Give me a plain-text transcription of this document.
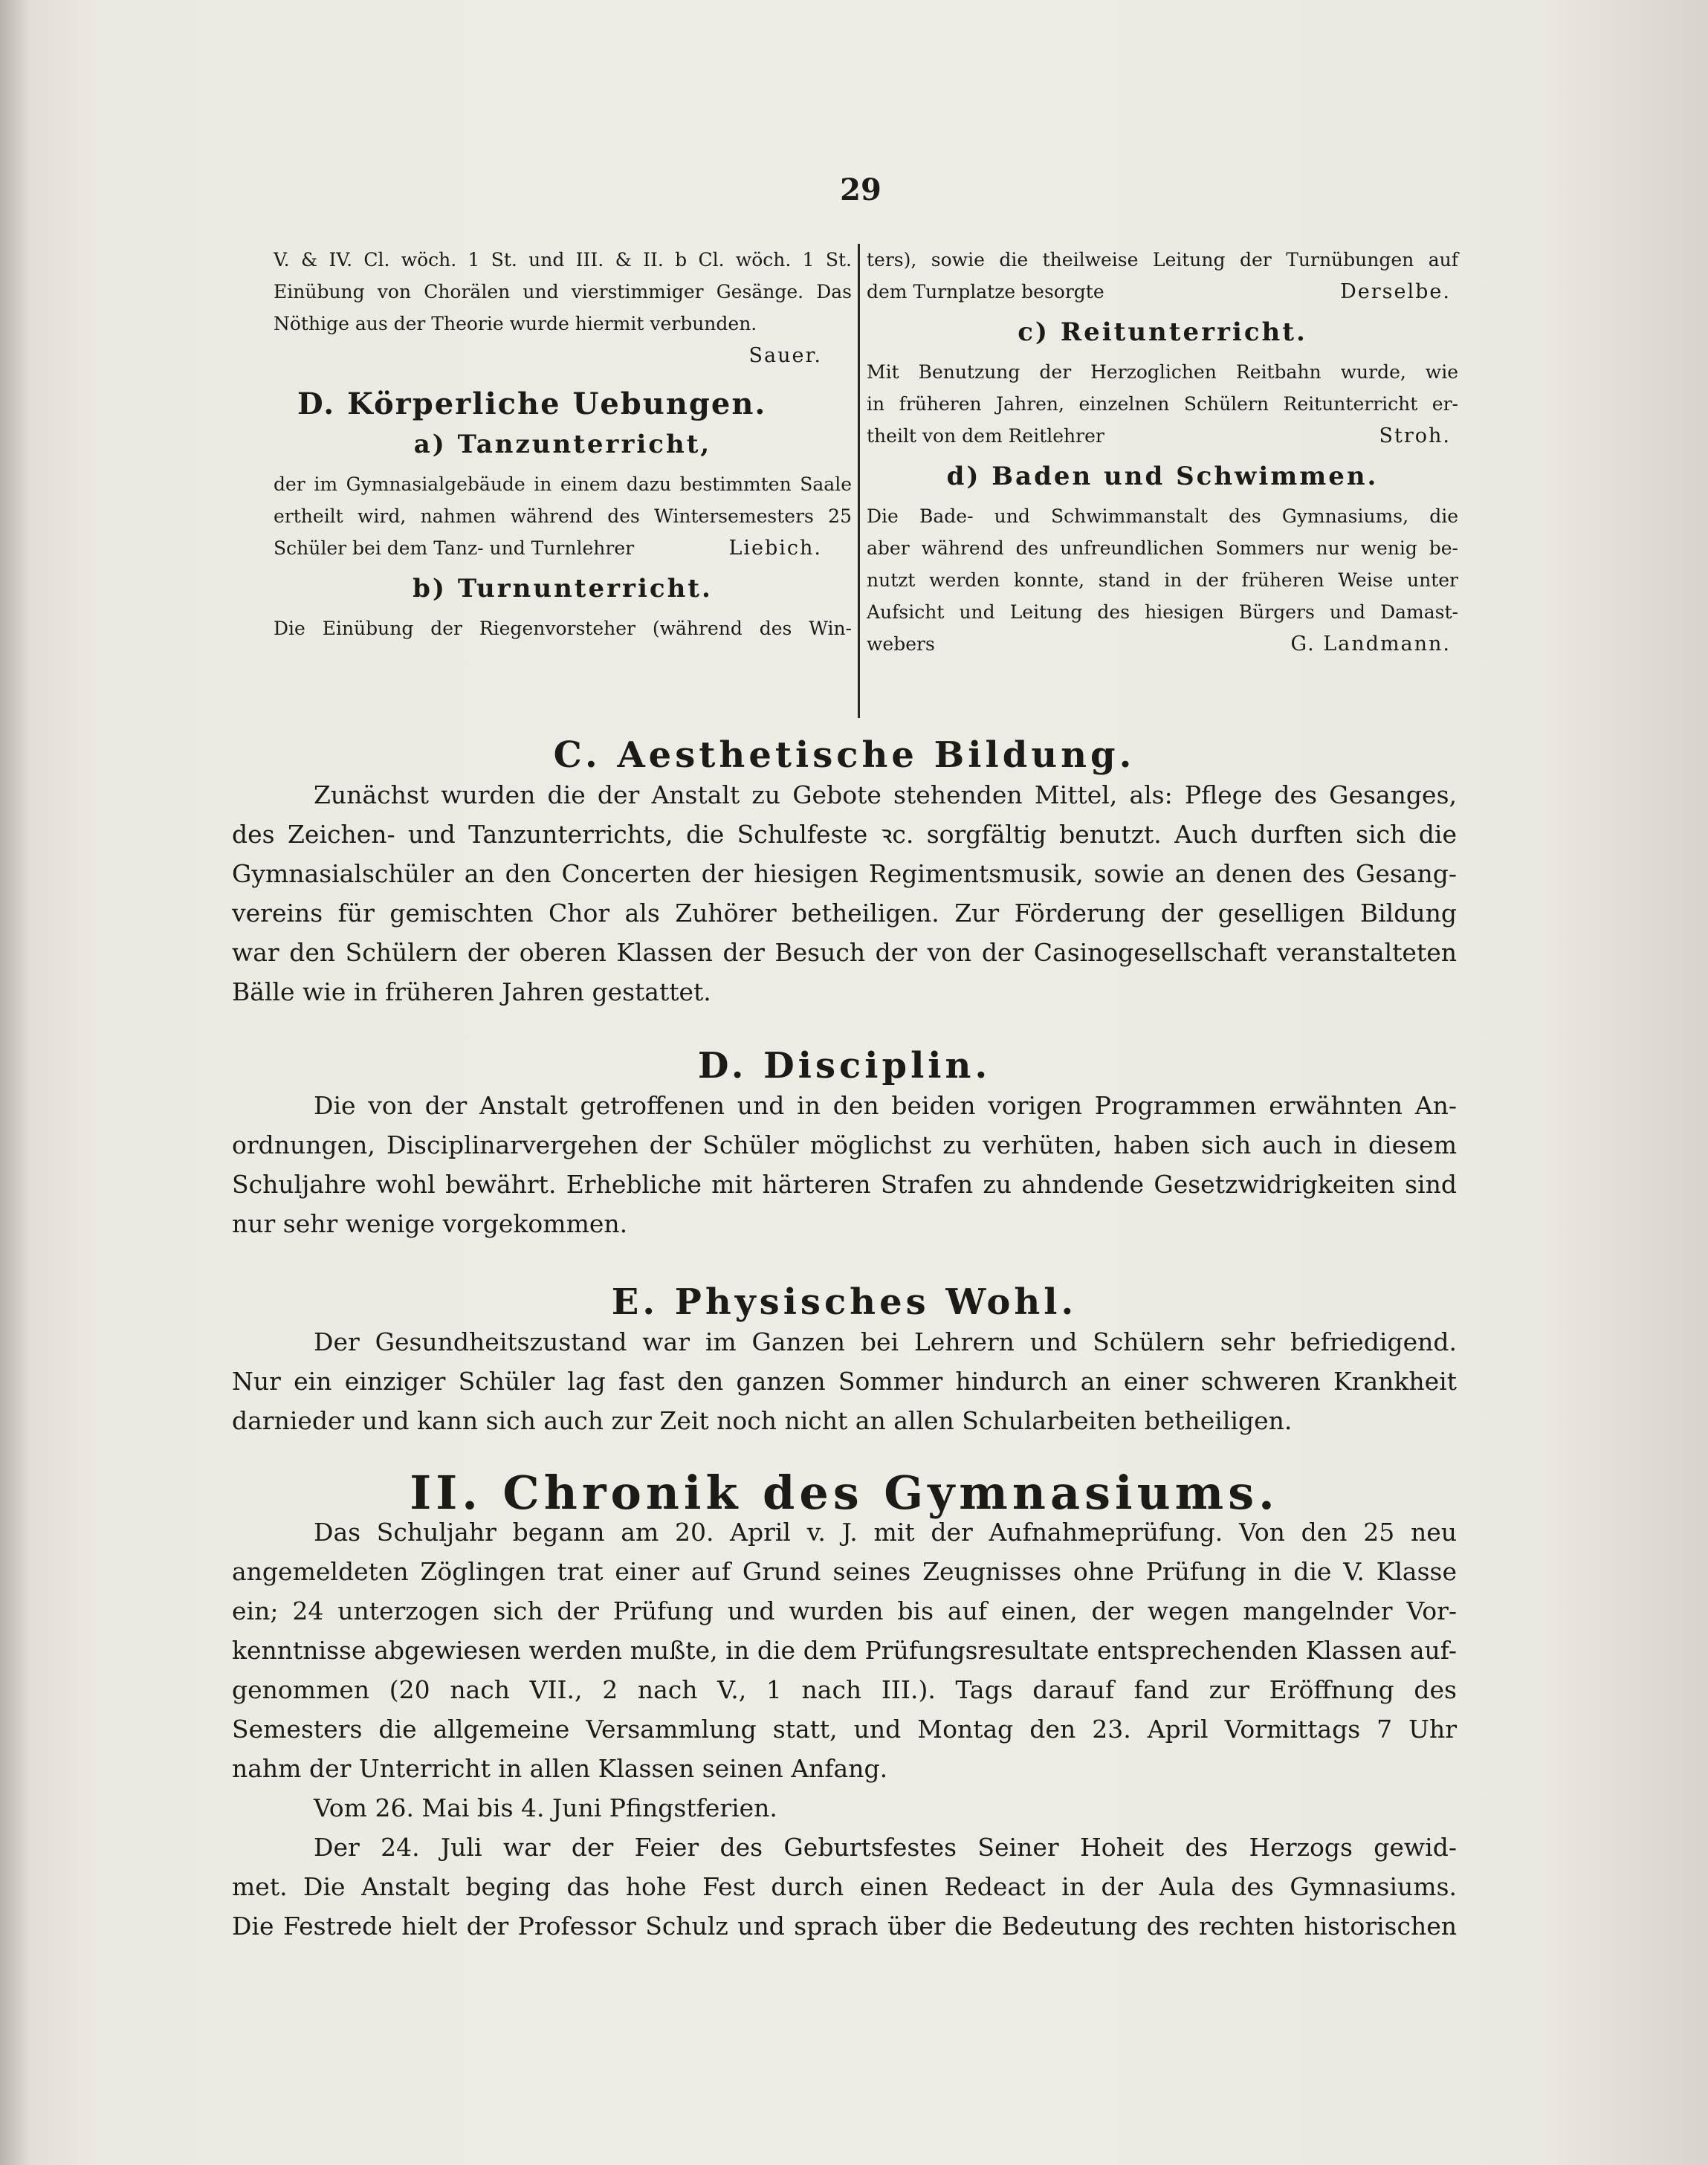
29
V. & IV. Cl. wöch. 1 St. und III. & II. b Cl. wöch. 1 St.
Einübung von Chorälen und vierstimmiger Gesänge. Das
Nöthige aus der Theorie wurde hiermit verbunden.
Sauer.
D. Körperliche Uebungen.
a) Tanzunterricht,
der im Gymnasialgebäude in einem dazu bestimmten Saale
ertheilt wird, nahmen während des Wintersemesters 25
Schüler bei dem Tanz- und Turnlehrer	Liebich.
b) Turnunterricht.
Die Einübung der Riegenvorsteher (während des Win-
ters), sowie die theilweise Leitung der Turnübungen auf
dem Turnplatze besorgte	Derselbe.
c) Reitunterricht.
Mit Benutzung der Herzoglichen Reitbahn wurde, wie
in früheren Jahren, einzelnen Schülern Reitunterricht er-
theilt von dem Reitlehrer	Stroh.
d) Baden und Schwimmen.
Die Bade- und Schwimmanstalt des Gymnasiums, die
aber während des unfreundlichen Sommers nur wenig be-
nutzt werden konnte, stand in der früheren Weise unter
Aufsicht und Leitung des hiesigen Bürgers und Damast-
webers	G. Landmann.
C. Aesthetische Bildung.
Zunächst wurden die der Anstalt zu Gebote stehenden Mittel, als: Pflege des Gesanges,
des Zeichen- und Tanzunterrichts, die Schulfeste ꝛc. sorgfältig benutzt. Auch durften sich die
Gymnasialschüler an den Concerten der hiesigen Regimentsmusik, sowie an denen des Gesang-
vereins für gemischten Chor als Zuhörer betheiligen. Zur Förderung der geselligen Bildung
war den Schülern der oberen Klassen der Besuch der von der Casinogesellschaft veranstalteten
Bälle wie in früheren Jahren gestattet.
D. Disciplin.
Die von der Anstalt getroffenen und in den beiden vorigen Programmen erwähnten An-
ordnungen, Disciplinarvergehen der Schüler möglichst zu verhüten, haben sich auch in diesem
Schuljahre wohl bewährt. Erhebliche mit härteren Strafen zu ahndende Gesetzwidrigkeiten sind
nur sehr wenige vorgekommen.
E. Physisches Wohl.
Der Gesundheitszustand war im Ganzen bei Lehrern und Schülern sehr befriedigend.
Nur ein einziger Schüler lag fast den ganzen Sommer hindurch an einer schweren Krankheit
darnieder und kann sich auch zur Zeit noch nicht an allen Schularbeiten betheiligen.
II. Chronik des Gymnasiums.
Das Schuljahr begann am 20. April v. J. mit der Aufnahmeprüfung. Von den 25 neu
angemeldeten Zöglingen trat einer auf Grund seines Zeugnisses ohne Prüfung in die V. Klasse
ein; 24 unterzogen sich der Prüfung und wurden bis auf einen, der wegen mangelnder Vor-
kenntnisse abgewiesen werden mußte, in die dem Prüfungsresultate entsprechenden Klassen auf-
genommen (20 nach VII., 2 nach V., 1 nach III.). Tags darauf fand zur Eröffnung des
Semesters die allgemeine Versammlung statt, und Montag den 23. April Vormittags 7 Uhr
nahm der Unterricht in allen Klassen seinen Anfang.
Vom 26. Mai bis 4. Juni Pfingstferien.
Der 24. Juli war der Feier des Geburtsfestes Seiner Hoheit des Herzogs gewid-
met. Die Anstalt beging das hohe Fest durch einen Redeact in der Aula des Gymnasiums.
Die Festrede hielt der Professor Schulz und sprach über die Bedeutung des rechten historischen
